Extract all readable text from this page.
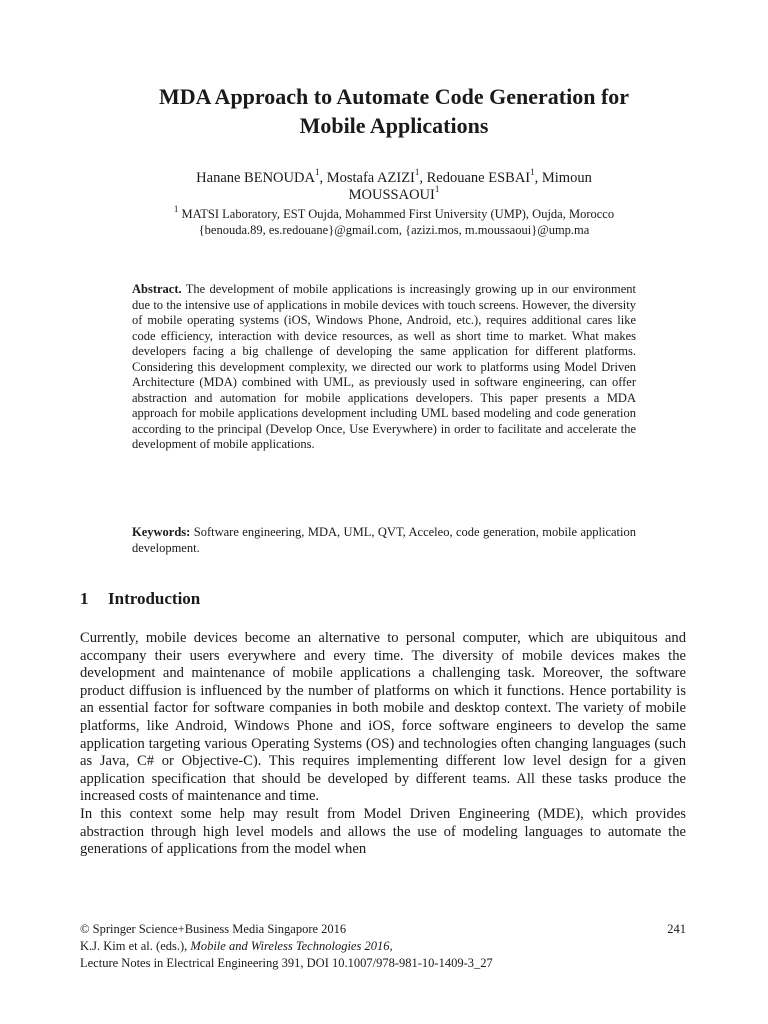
MDA Approach to Automate Code Generation for
Mobile Applications
Hanane BENOUDA$^1$, Mostafa AZIZI$^1$, Redouane ESBAI$^1$, Mimoun
MOUSSAOUI$^1$
$^1$ MATSI Laboratory, EST Oujda, Mohammed First University (UMP), Oujda, Morocco
{benouda.89, es.redouane}@gmail.com, {azizi.mos, m.moussaoui}@ump.ma
Abstract. The development of mobile applications is increasingly growing up in our environment due to the intensive use of applications in mobile devices with touch screens. However, the diversity of mobile operating systems (iOS, Windows Phone, Android, etc.), requires additional cares like code efficiency, interaction with device resources, as well as short time to market. What makes developers facing a big challenge of developing the same application for different platforms. Considering this development complexity, we directed our work to platforms using Model Driven Architecture (MDA) combined with UML, as previously used in software engineering, can offer abstraction and automation for mobile applications developers. This paper presents a MDA approach for mobile applications development including UML based modeling and code generation according to the principal (Develop Once, Use Everywhere) in order to facilitate and accelerate the development of mobile applications.
Keywords: Software engineering, MDA, UML, QVT, Acceleo, code generation, mobile application development.
1 Introduction

Currently, mobile devices become an alternative to personal computer, which are ubiquitous and accompany their users everywhere and every time. The diversity of mobile devices makes the development and maintenance of mobile applications a challenging task. Moreover, the software product diffusion is influenced by the number of platforms on which it functions. Hence portability is an essential factor for software companies in both mobile and desktop context. The variety of mobile platforms, like Android, Windows Phone and iOS, force software engineers to develop the same application targeting various Operating Systems (OS) and technologies often changing languages (such as Java, C# or Objective-C). This requires implementing different low level design for a given application specification that should be developed by different teams. All these tasks produce the increased costs of maintenance and time.

In this context some help may result from Model Driven Engineering (MDE), which provides abstraction through high level models and allows the use of modeling languages to automate the generations of applications from the model when

© Springer Science+Business Media Singapore 2016	241
K.J. Kim et al. (eds.), Mobile and Wireless Technologies 2016,
Lecture Notes in Electrical Engineering 391, DOI 10.1007/978-981-10-1409-3_27
